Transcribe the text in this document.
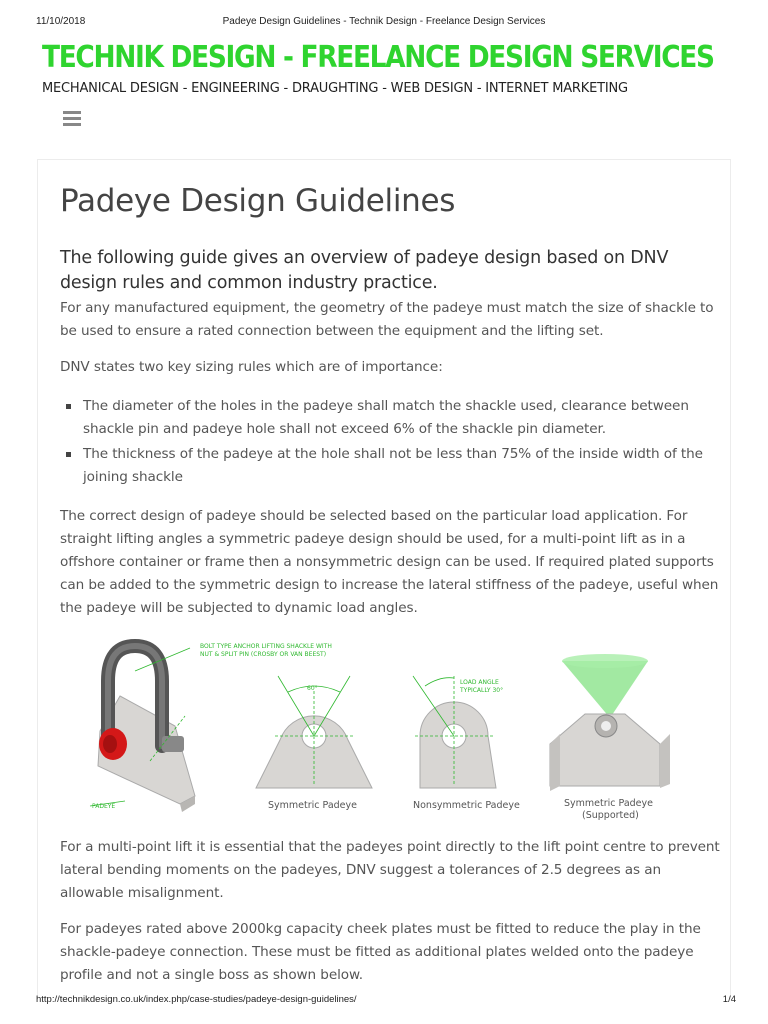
11/10/2018	Padeye Design Guidelines - Technik Design - Freelance Design Services
TECHNIK DESIGN - FREELANCE DESIGN SERVICES
MECHANICAL DESIGN - ENGINEERING - DRAUGHTING - WEB DESIGN - INTERNET MARKETING
Padeye Design Guidelines

The following guide gives an overview of padeye design based on DNV design rules and common industry practice.

For any manufactured equipment, the geometry of the padeye must match the size of shackle to be used to ensure a rated connection between the equipment and the lifting set.

DNV states two key sizing rules which are of importance:

The diameter of the holes in the padeye shall match the shackle used, clearance between shackle pin and padeye hole shall not exceed 6% of the shackle pin diameter.
The thickness of the padeye at the hole shall not be less than 75% of the inside width of the joining shackle

The correct design of padeye should be selected based on the particular load application. For straight lifting angles a symmetric padeye design should be used, for a multi-point lift as in a offshore container or frame then a nonsymmetric design can be used. If required plated supports can be added to the symmetric design to increase the lateral stiffness of the padeye, useful when the padeye will be subjected to dynamic load angles.

BOLT TYPE ANCHOR LIFTING SHACKLE WITH
NUT & SPLIT PIN (CROSBY OR VAN BEEST)
PADEYE
60°
Symmetric Padeye
LOAD ANGLE
TYPICALLY 30°
Nonsymmetric Padeye	Symmetric Padeye
(Supported)

For a multi-point lift it is essential that the padeyes point directly to the lift point centre to prevent lateral bending moments on the padeyes, DNV suggest a tolerances of 2.5 degrees as an allowable misalignment.

For padeyes rated above 2000kg capacity cheek plates must be fitted to reduce the play in the shackle-padeye connection. These must be fitted as additional plates welded onto the padeye profile and not a single boss as shown below.

http://technikdesign.co.uk/index.php/case-studies/padeye-design-guidelines/	1/4
